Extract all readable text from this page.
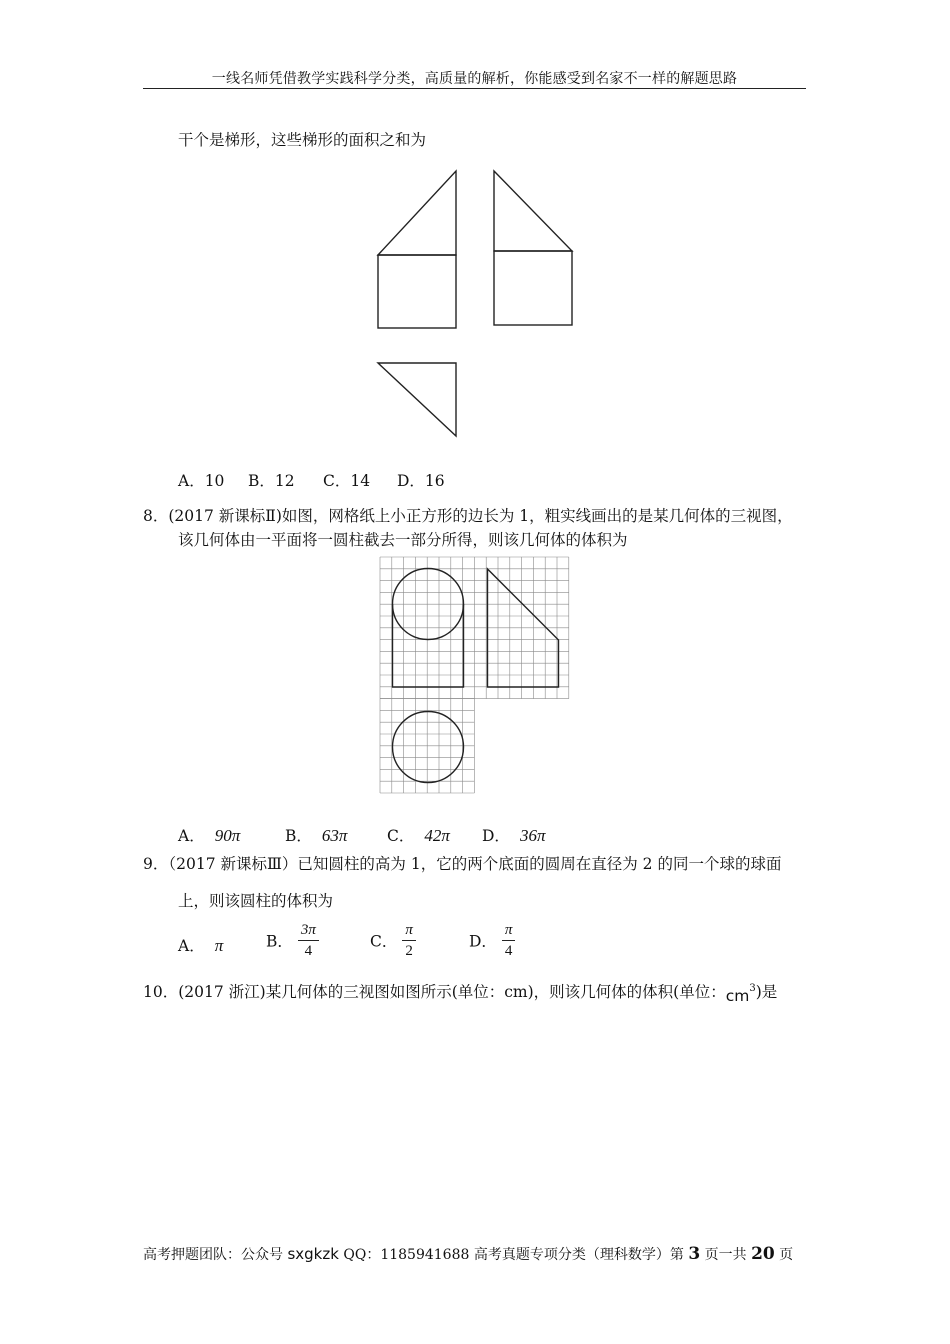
一线名师凭借教学实践科学分类，高质量的解析，你能感受到名家不一样的解题思路
干个是梯形，这些梯形的面积之和为
A．10 B．12 C．14 D．16
8．(2017 新课标Ⅱ)如图，网格纸上小正方形的边长为 1，粗实线画出的是某几何体的三视图，
该几何体由一平面将一圆柱截去一部分所得，则该几何体的体积为
A． 90π	B． 63π	C． 42π D． 36π
9．（2017 新课标Ⅲ）已知圆柱的高为 1，它的两个底面的圆周在直径为 2 的同一个球的球面
上，则该圆柱的体积为
A． π	B． $\frac{3\pi}{4}$	C． $\frac{\pi}{2}$	D． $\frac{\pi}{4}$
10．(2017 浙江)某几何体的三视图如图所示(单位：cm)，则该几何体的体积(单位：$cm^3$)是
高考押题团队：公众号 sxgkzk QQ：1185941688 高考真题专项分类（理科数学）第 3 页一共 20 页
